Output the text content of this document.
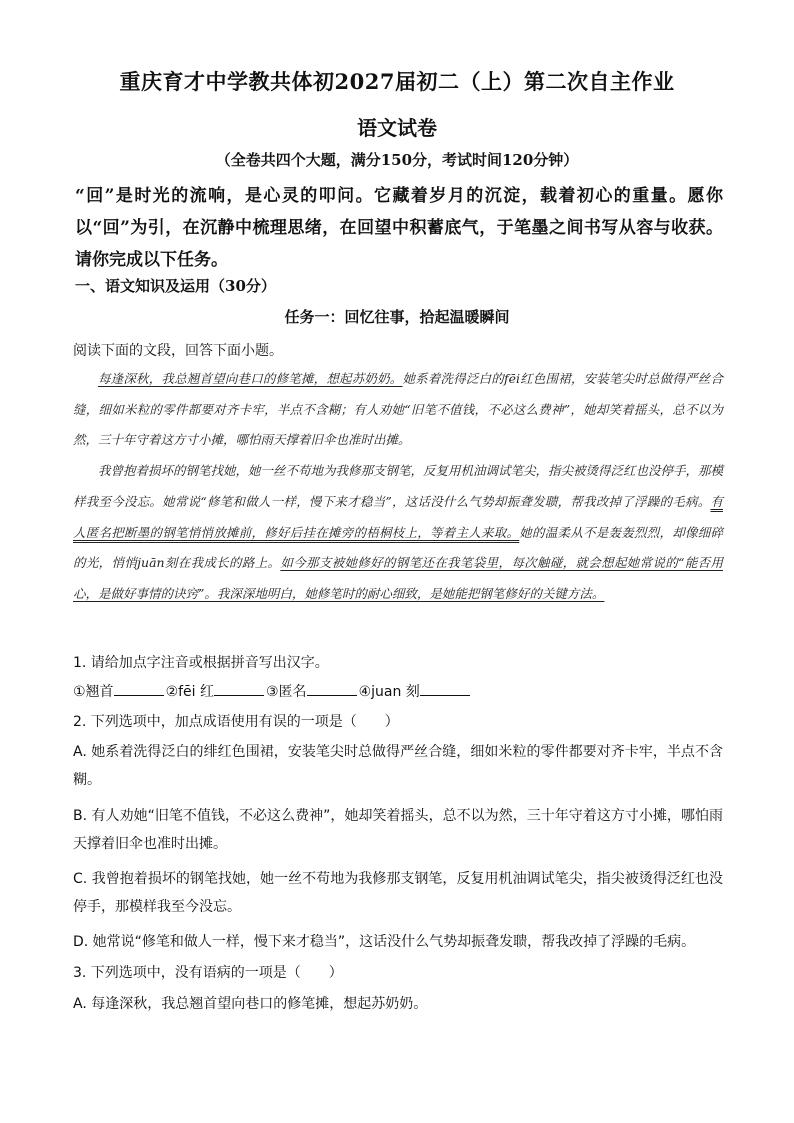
重庆育才中学教共体初2027届初二（上）第二次自主作业
语文试卷
（全卷共四个大题，满分150分，考试时间120分钟）
“回”是时光的流响，是心灵的叩问。它藏着岁月的沉淀，载着初心的重量。愿你以“回”为引，在沉静中梳理思绪，在回望中积蓄底气，于笔墨之间书写从容与收获。请你完成以下任务。
一、语文知识及运用（30分）
任务一：回忆往事，拾起温暖瞬间
阅读下面的文段，回答下面小题。

每逢深秋，我总翘首望向巷口的修笔摊，想起苏奶奶。她系着洗得泛白的fēi红色围裙，安装笔尖时总做得严丝合缝，细如米粒的零件都要对齐卡牢，半点不含糊；有人劝她“旧笔不值钱，不必这么费神”，她却笑着摇头，总不以为然，三十年守着这方寸小摊，哪怕雨天撑着旧伞也准时出摊。

我曾抱着损坏的钢笔找她，她一丝不苟地为我修那支钢笔，反复用机油调试笔尖，指尖被烫得泛红也没停手，那模样我至今没忘。她常说“修笔和做人一样，慢下来才稳当”，这话没什么气势却振聋发聩，帮我改掉了浮躁的毛病。有人匿名把断墨的钢笔悄悄放摊前，修好后挂在摊旁的梧桐枝上，等着主人来取。她的温柔从不是轰轰烈烈，却像细碎的光，悄悄juān刻在我成长的路上。如今那支被她修好的钢笔还在我笔袋里，每次触碰，就会想起她常说的“能否用心，是做好事情的诀窍”。我深深地明白，她修笔时的耐心细致，是她能把钢笔修好的关键方法。

1. 请给加点字注音或根据拼音写出汉字。
①翘首	②fēi 红	③匿名	④juan 刻
2. 下列选项中，加点成语使用有误的一项是（　　）
A. 她系着洗得泛白的绯红色围裙，安装笔尖时总做得严丝合缝，细如米粒的零件都要对齐卡牢，半点不含糊。
B. 有人劝她“旧笔不值钱，不必这么费神”，她却笑着摇头，总不以为然，三十年守着这方寸小摊，哪怕雨天撑着旧伞也准时出摊。
C. 我曾抱着损坏的钢笔找她，她一丝不苟地为我修那支钢笔，反复用机油调试笔尖，指尖被烫得泛红也没停手，那模样我至今没忘。
D. 她常说“修笔和做人一样，慢下来才稳当”，这话没什么气势却振聋发聩，帮我改掉了浮躁的毛病。
3. 下列选项中，没有语病的一项是（　　）
A. 每逢深秋，我总翘首望向巷口的修笔摊，想起苏奶奶。
